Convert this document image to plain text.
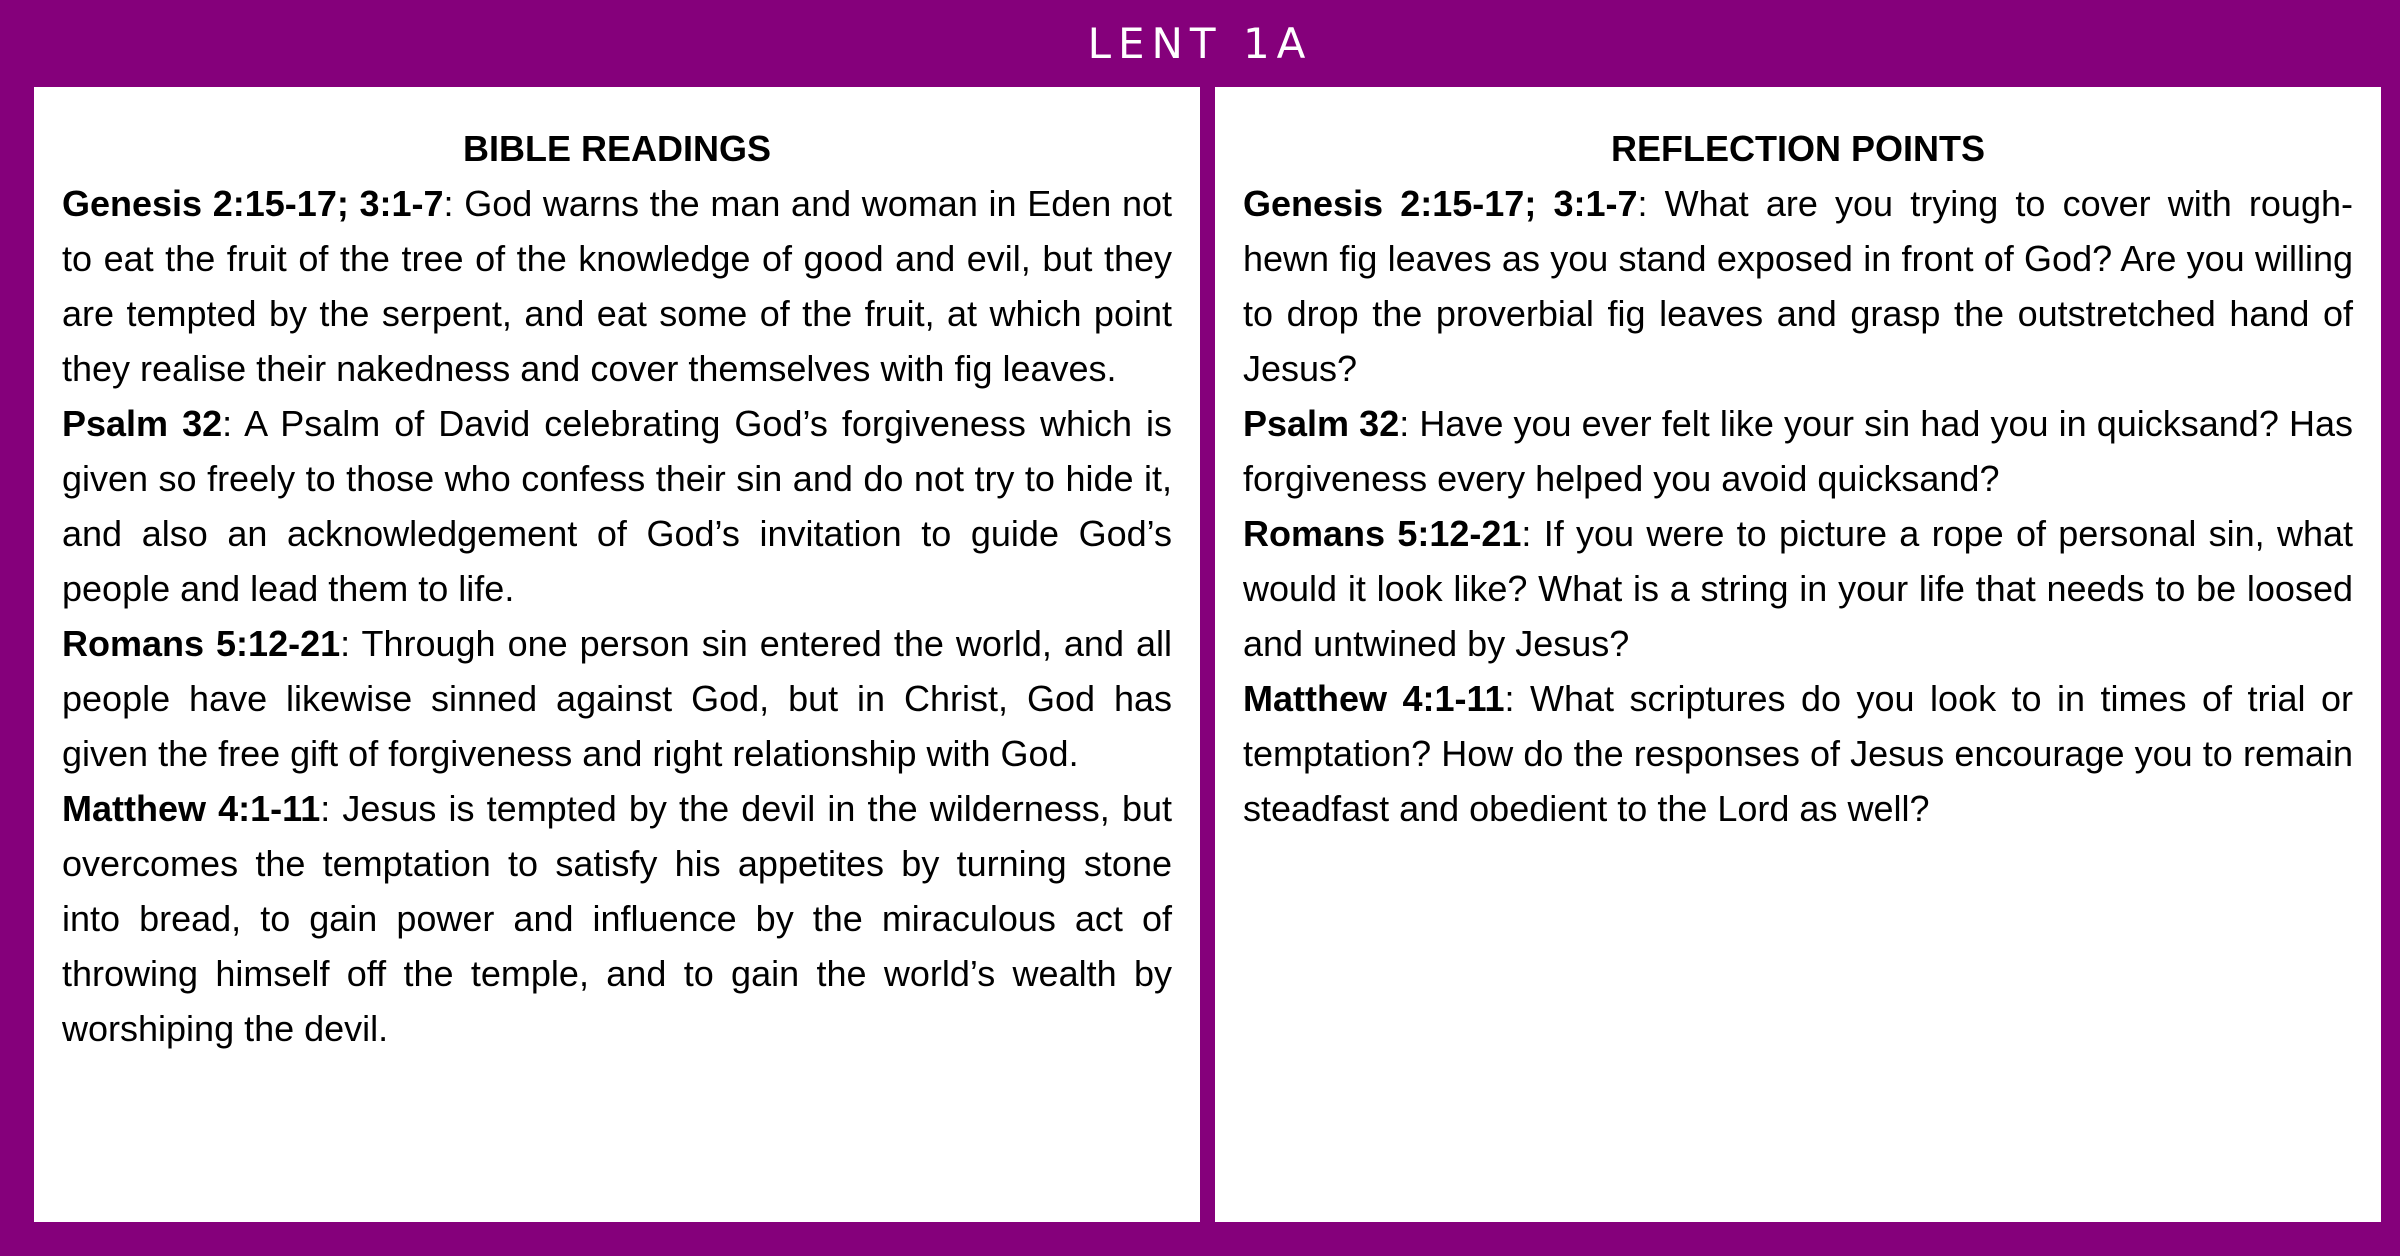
LENT 1A
BIBLE READINGS

Genesis 2:15-17; 3:1-7: God warns the man and woman in Eden not to eat the fruit of the tree of the knowledge of good and evil, but they are tempted by the serpent, and eat some of the fruit, at which point they realise their nakedness and cover themselves with fig leaves.

Psalm 32: A Psalm of David celebrating God’s forgiveness which is given so freely to those who confess their sin and do not try to hide it, and also an acknowledgement of God’s invitation to guide God’s people and lead them to life.

Romans 5:12-21: Through one person sin entered the world, and all people have likewise sinned against God, but in Christ, God has given the free gift of forgiveness and right relationship with God.

Matthew 4:1-11: Jesus is tempted by the devil in the wilderness, but overcomes the temptation to satisfy his appetites by turning stone into bread, to gain power and influence by the miraculous act of throwing himself off the temple, and to gain the world’s wealth by worshiping the devil.

REFLECTION POINTS

Genesis 2:15-17; 3:1-7: What are you trying to cover with rough-hewn fig leaves as you stand exposed in front of God? Are you willing to drop the proverbial fig leaves and grasp the outstretched hand of Jesus?

Psalm 32: Have you ever felt like your sin had you in quicksand? Has forgiveness every helped you avoid quicksand?

Romans 5:12-21: If you were to picture a rope of personal sin, what would it look like? What is a string in your life that needs to be loosed and untwined by Jesus?

Matthew 4:1-11: What scriptures do you look to in times of trial or temptation? How do the responses of Jesus encourage you to remain steadfast and obedient to the Lord as well?
